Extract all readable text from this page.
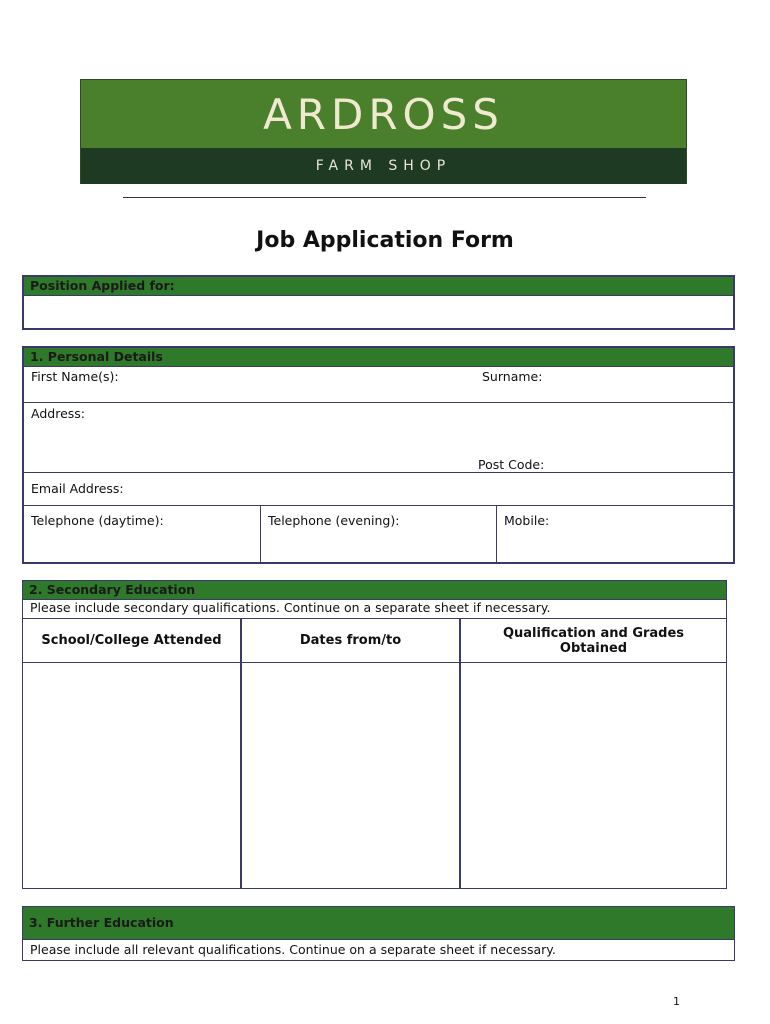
ARDROSS
FARM SHOP
Job Application Form
Position Applied for:
1. Personal Details
First Name(s):	Surname:
Address:
Post Code:
Email Address:
Telephone (daytime):	Telephone (evening):	Mobile:
2. Secondary Education
Please include secondary qualifications. Continue on a separate sheet if necessary.
School/College Attended	Dates from/to	Qualification and Grades Obtained
3. Further Education
Please include all relevant qualifications. Continue on a separate sheet if necessary.
1
